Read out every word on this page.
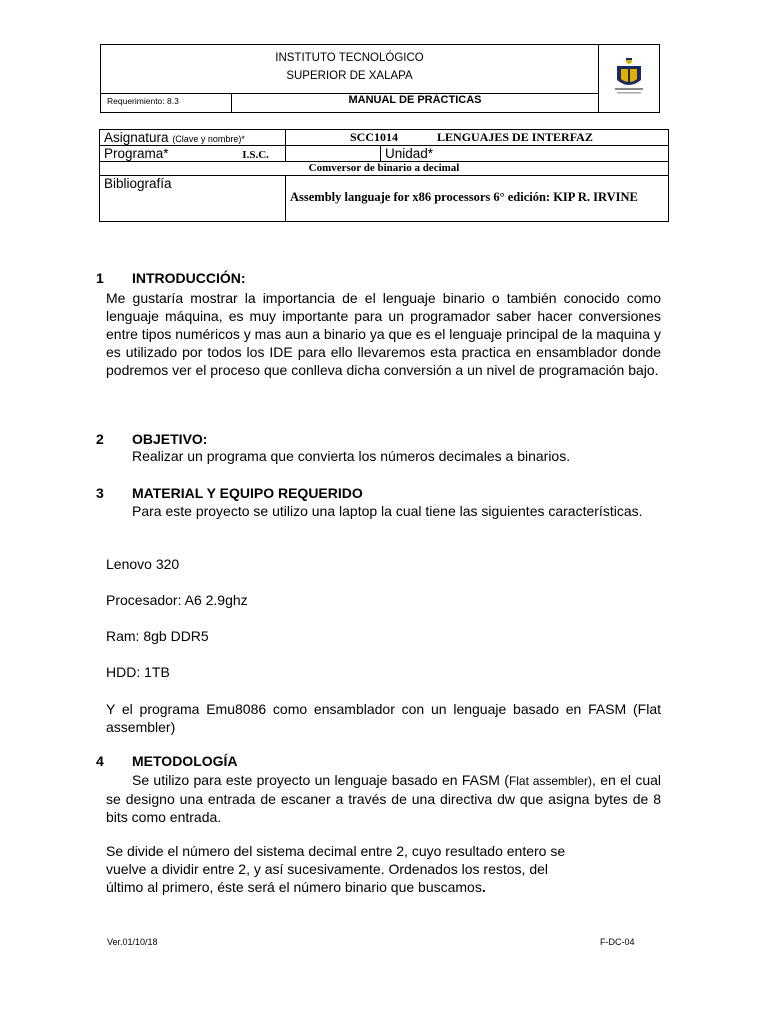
INSTITUTO TECNOLÓGICO
SUPERIOR DE XALAPA

Requerimiento: 8.3	MANUAL DE PRÁCTICAS	
Asignatura (Clave y nombre)*	SCC1014 LENGUAJES DE INTERFAZ	
Programa* I.S.C.		Unidad*
Comversor de binario a decimal		
Bibliografía	Assembly languaje for x86 processors 6° edición: KIP R. IRVINE	
1 INTRODUCCIÓN:
Me gustaría mostrar la importancia de el lenguaje binario o también conocido como lenguaje máquina, es muy importante para un programador saber hacer conversiones entre tipos numéricos y mas aun a binario ya que es el lenguaje principal de la maquina y es utilizado por todos los IDE para ello llevaremos esta practica en ensamblador donde podremos ver el proceso que conlleva dicha conversión a un nivel de programación bajo.
2 OBJETIVO:
Realizar un programa que convierta los números decimales a binarios.
3 MATERIAL Y EQUIPO REQUERIDO
Para este proyecto se utilizo una laptop la cual tiene las siguientes características.
Lenovo 320
Procesador: A6 2.9ghz
Ram: 8gb DDR5
HDD: 1TB
Y el programa Emu8086 como ensamblador con un lenguaje basado en FASM (Flat assembler)
4 METODOLOGÍA
Se utilizo para este proyecto un lenguaje basado en FASM (Flat assembler), en el cual se designo una entrada de escaner a través de una directiva dw que asigna bytes de 8 bits como entrada.
Se divide el número del sistema decimal entre 2, cuyo resultado entero se vuelve a dividir entre 2, y así sucesivamente. Ordenados los restos, del último al primero, éste será el número binario que buscamos.
Ver.01/10/18	F-DC-04
